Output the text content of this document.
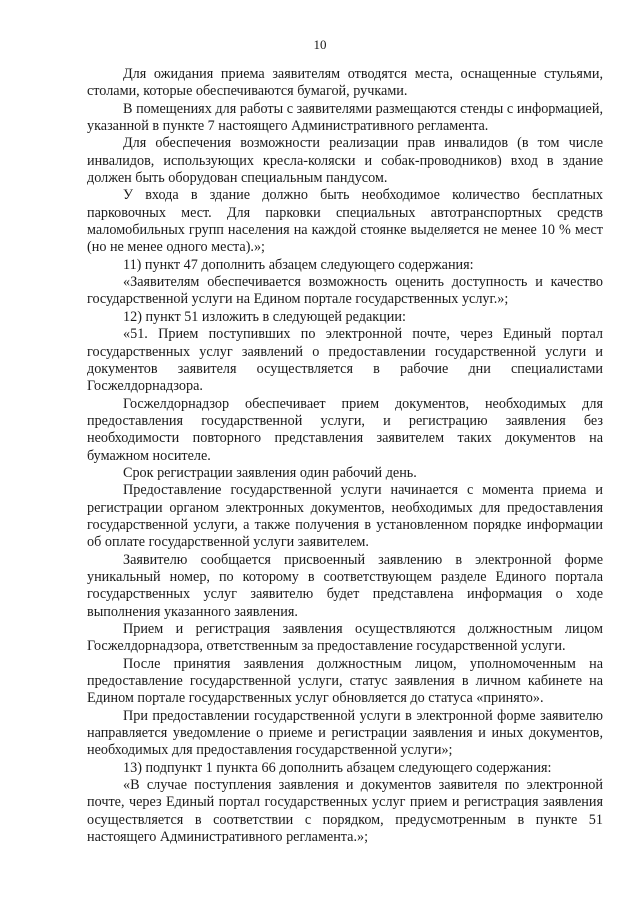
10

Для ожидания приема заявителям отводятся места, оснащенные стульями, столами, которые обеспечиваются бумагой, ручками.

В помещениях для работы с заявителями размещаются стенды с информацией, указанной в пункте 7 настоящего Административного регламента.

Для обеспечения возможности реализации прав инвалидов (в том числе инвалидов, использующих кресла-коляски и собак-проводников) вход в здание должен быть оборудован специальным пандусом.

У входа в здание должно быть необходимое количество бесплатных парковочных мест. Для парковки специальных автотранспортных средств маломобильных групп населения на каждой стоянке выделяется не менее 10 % мест (но не менее одного места).»;

11) пункт 47 дополнить абзацем следующего содержания:

«Заявителям обеспечивается возможность оценить доступность и качество государственной услуги на Едином портале государственных услуг.»;

12) пункт 51 изложить в следующей редакции:

«51. Прием поступивших по электронной почте, через Единый портал государственных услуг заявлений о предоставлении государственной услуги и документов заявителя осуществляется в рабочие дни специалистами Госжелдорнадзора.

Госжелдорнадзор обеспечивает прием документов, необходимых для предоставления государственной услуги, и регистрацию заявления без необходимости повторного представления заявителем таких документов на бумажном носителе.

Срок регистрации заявления один рабочий день.

Предоставление государственной услуги начинается с момента приема и регистрации органом электронных документов, необходимых для предоставления государственной услуги, а также получения в установленном порядке информации об оплате государственной услуги заявителем.

Заявителю сообщается присвоенный заявлению в электронной форме уникальный номер, по которому в соответствующем разделе Единого портала государственных услуг заявителю будет представлена информация о ходе выполнения указанного заявления.

Прием и регистрация заявления осуществляются должностным лицом Госжелдорнадзора, ответственным за предоставление государственной услуги.

После принятия заявления должностным лицом, уполномоченным на предоставление государственной услуги, статус заявления в личном кабинете на Едином портале государственных услуг обновляется до статуса «принято».

При предоставлении государственной услуги в электронной форме заявителю направляется уведомление о приеме и регистрации заявления и иных документов, необходимых для предоставления государственной услуги»;

13) подпункт 1 пункта 66 дополнить абзацем следующего содержания:

«В случае поступления заявления и документов заявителя по электронной почте, через Единый портал государственных услуг прием и регистрация заявления осуществляется в соответствии с порядком, предусмотренным в пункте 51 настоящего Административного регламента.»;
